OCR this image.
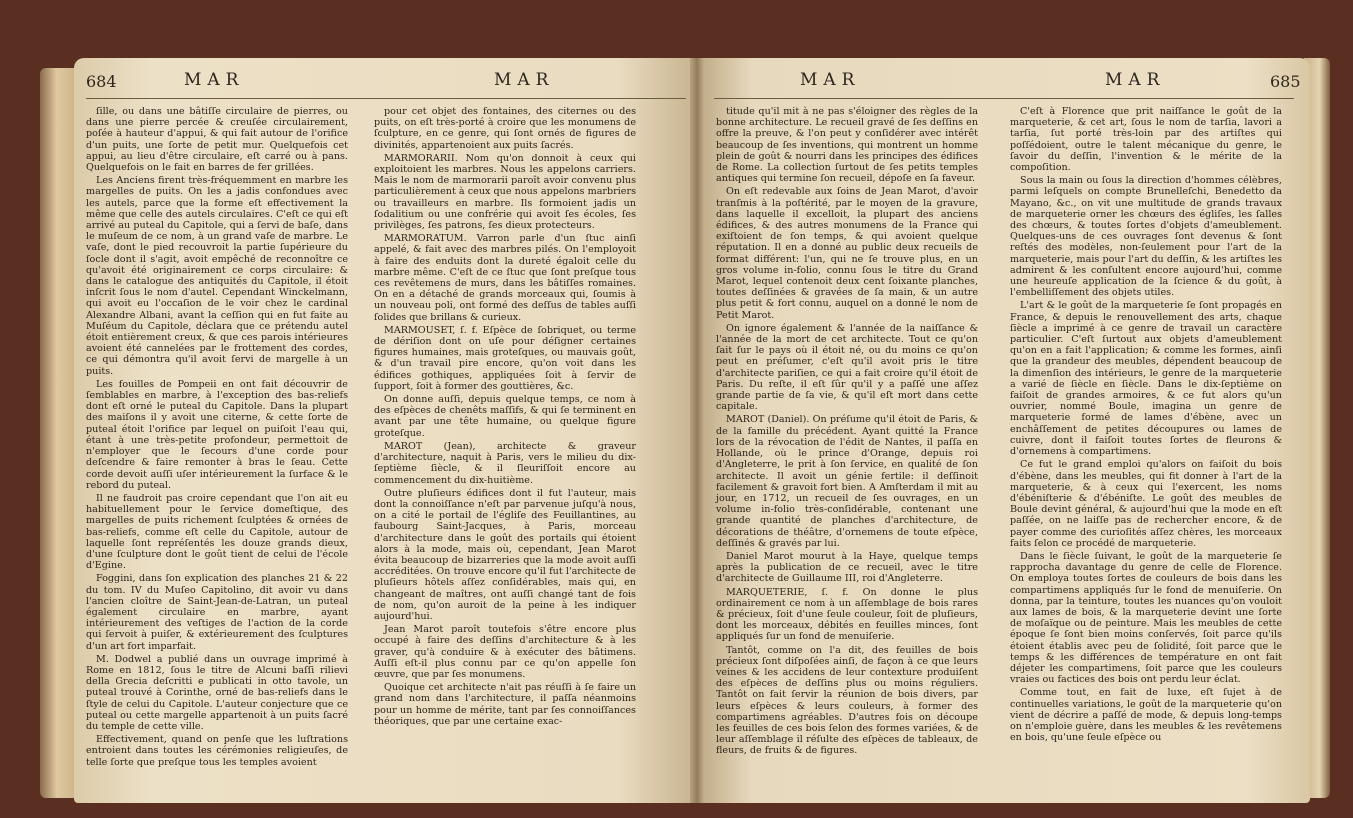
684	MAR	MAR

ſille, ou dans une bâtiſſe circulaire de pierres, ou dans une pierre percée & creuſée circulairement, poſée à hauteur d'appui, & qui fait autour de l'orifice d'un puits, une ſorte de petit mur. Quelquefois cet appui, au lieu d'être circulaire, eſt carré ou à pans. Quelquefois on le fait en barres de fer grillées.

Les Anciens firent très-fréquemment en marbre les margelles de puits. On les a jadis confondues avec les autels, parce que la forme eſt effectivement la même que celle des autels circulaires. C'eſt ce qui eſt arrivé au puteal du Capitole, qui a ſervi de baſe, dans le muſeum de ce nom, à un grand vaſe de marbre. Le vaſe, dont le pied recouvroit la partie ſupérieure du ſocle dont il s'agit, avoit empêché de reconnoître ce qu'avoit été originairement ce corps circulaire: & dans le catalogue des antiquités du Capitole, il étoit inſcrit ſous le nom d'autel. Cependant Winckelmann, qui avoit eu l'occaſion de le voir chez le cardinal Alexandre Albani, avant la ceſſion qui en fut faite au Muſéum du Capitole, déclara que ce prétendu autel étoit entièrement creux, & que ces parois intérieures avoient été cannelées par le frottement des cordes, ce qui démontra qu'il avoit ſervi de margelle à un puits.

Les fouilles de Pompeii en ont fait découvrir de ſemblables en marbre, à l'exception des bas-reliefs dont eſt orné le puteal du Capitole. Dans la plupart des maiſons il y avoit une citerne, & cette ſorte de puteal étoit l'orifice par lequel on puiſoit l'eau qui, étant à une très-petite profondeur, permettoit de n'employer que le ſecours d'une corde pour deſcendre & faire remonter à bras le ſeau. Cette corde devoit auſſi uſer intérieurement la ſurface & le rebord du puteal.

Il ne faudroit pas croire cependant que l'on ait eu habituellement pour le ſervice domeſtique, des margelles de puits richement ſculptées & ornées de bas-reliefs, comme eſt celle du Capitole, autour de laquelle ſont repréſentés les douze grands dieux, d'une ſculpture dont le goût tient de celui de l'école d'Egine.

Foggini, dans ſon explication des planches 21 & 22 du tom. IV du Muſeo Capitolino, dit avoir vu dans l'ancien cloître de Saint-Jean-de-Latran, un puteal également circulaire en marbre, ayant intérieurement des veſtiges de l'action de la corde qui ſervoit à puiſer, & extérieurement des ſculptures d'un art fort imparfait.

M. Dodwel a publié dans un ouvrage imprimé à Rome en 1812, ſous le titre de Alcuni baſſi rilievi della Grecia deſcritti e publicati in otto tavole, un puteal trouvé à Corinthe, orné de bas-reliefs dans le ſtyle de celui du Capitole. L'auteur conjecture que ce puteal ou cette margelle appartenoit à un puits ſacré du temple de cette ville.

Effectivement, quand on penſe que les luſtrations entroient dans toutes les cérémonies religieuſes, de telle ſorte que preſque tous les temples avoient

pour cet objet des fontaines, des citernes ou des puits, on eſt très-porté à croire que les monumens de ſculpture, en ce genre, qui ſont ornés de figures de divinités, appartenoient aux puits ſacrés.

MARMORARII. Nom qu'on donnoit à ceux qui exploitoient les marbres. Nous les appelons carriers. Mais le nom de marmorarii paroît avoir convenu plus particulièrement à ceux que nous appelons marbriers ou travailleurs en marbre. Ils formoient jadis un ſodalitium ou une confrérie qui avoit ſes écoles, ſes privilèges, ſes patrons, ſes dieux protecteurs.

MARMORATUM. Varron parle d'un ſtuc ainſi appelé, & fait avec des marbres pilés. On l'employoit à faire des enduits dont la dureté égaloit celle du marbre même. C'eſt de ce ſtuc que ſont preſque tous ces revêtemens de murs, dans les bâtiſſes romaines. On en a détaché de grands morceaux qui, ſoumis à un nouveau poli, ont formé des deſſus de tables auſſi ſolides que brillans & curieux.

MARMOUSET, ſ. f. Eſpèce de ſobriquet, ou terme de dériſion dont on uſe pour déſigner certaines figures humaines, mais groteſques, ou mauvais goût, & d'un travail pire encore, qu'on voit dans les édifices gothiques, appliquées ſoit à ſervir de ſupport, ſoit à former des gouttières, &c.

On donne auſſi, depuis quelque temps, ce nom à des eſpèces de chenêts maſſifs, & qui ſe terminent en avant par une tête humaine, ou quelque figure groteſque.

MAROT (Jean), architecte & graveur d'architecture, naquit à Paris, vers le milieu du dix-ſeptième ſiècle, & il ſleuriſſoit encore au commencement du dix-huitième.

Outre pluſieurs édifices dont il fut l'auteur, mais dont la connoiſſance n'eſt par parvenue juſqu'à nous, on a cité le portail de l'égliſe des Feuillantines, au faubourg Saint-Jacques, à Paris, morceau d'architecture dans le goût des portails qui étoient alors à la mode, mais où, cependant, Jean Marot évita beaucoup de bizarreries que la mode avoit auſſi accréditées. On trouve encore qu'il fut l'architecte de pluſieurs hôtels aſſez conſidérables, mais qui, en changeant de maîtres, ont auſſi changé tant de fois de nom, qu'on auroit de la peine à les indiquer aujourd'hui.

Jean Marot paroît toutefois s'être encore plus occupé à faire des deſſins d'architecture & à les graver, qu'à conduire & à exécuter des bâtimens. Auſſi eſt-il plus connu par ce qu'on appelle ſon œuvre, que par ſes monumens.

Quoique cet architecte n'ait pas réuſſi à ſe faire un grand nom dans l'architecture, il paſſa néanmoins pour un homme de mérite, tant par ſes connoiſſances théoriques, que par une certaine exac-

MAR	MAR	685

titude qu'il mit à ne pas s'éloigner des règles de la bonne architecture. Le recueil gravé de ſes deſſins en offre la preuve, & l'on peut y conſidérer avec intérêt beaucoup de ſes inventions, qui montrent un homme plein de goût & nourri dans les principes des édifices de Rome. La collection ſurtout de ſes petits temples antiques qui termine ſon recueil, dépoſe en ſa faveur.

On eſt redevable aux ſoins de Jean Marot, d'avoir tranſmis à la poſtérité, par le moyen de la gravure, dans laquelle il excelloit, la plupart des anciens édifices, & des autres monumens de la France qui exiſtoient de ſon temps, & qui avoient quelque réputation. Il en a donné au public deux recueils de format différent: l'un, qui ne ſe trouve plus, en un gros volume in-folio, connu ſous le titre du Grand Marot, lequel contenoit deux cent ſoixante planches, toutes deſſinées & gravées de ſa main, & un autre plus petit & fort connu, auquel on a donné le nom de Petit Marot.

On ignore également & l'année de la naiſſance & l'année de la mort de cet architecte. Tout ce qu'on ſait ſur le pays où il étoit né, ou du moins ce qu'on peut en préſumer, c'eſt qu'il avoit pris le titre d'architecte pariſien, ce qui a fait croire qu'il étoit de Paris. Du reſte, il eſt ſûr qu'il y a paſſé une aſſez grande partie de ſa vie, & qu'il eſt mort dans cette capitale.

MAROT (Daniel). On préſume qu'il étoit de Paris, & de la famille du précédent. Ayant quitté la France lors de la révocation de l'édit de Nantes, il paſſa en Hollande, où le prince d'Orange, depuis roi d'Angleterre, le prit à ſon ſervice, en qualité de ſon architecte. Il avoit un génie fertile: il deſſinoit facilement & gravoit fort bien. A Amſterdam il mit au jour, en 1712, un recueil de ſes ouvrages, en un volume in-folio très-conſidérable, contenant une grande quantité de planches d'architecture, de décorations de théâtre, d'ornemens de toute eſpèce, deſſinés & gravés par lui.

Daniel Marot mourut à la Haye, quelque temps après la publication de ce recueil, avec le titre d'architecte de Guillaume III, roi d'Angleterre.

MARQUETERIE, ſ. f. On donne le plus ordinairement ce nom à un aſſemblage de bois rares & précieux, ſoit d'une ſeule couleur, ſoit de pluſieurs, dont les morceaux, débités en feuilles minces, ſont appliqués ſur un fond de menuiſerie.

Tantôt, comme on l'a dit, des feuilles de bois précieux ſont diſpoſées ainſi, de façon à ce que leurs veines & les accidens de leur contexture produiſent des eſpèces de deſſins plus ou moins réguliers. Tantôt on fait ſervir la réunion de bois divers, par leurs eſpèces & leurs couleurs, à former des compartimens agréables. D'autres fois on découpe les feuilles de ces bois ſelon des formes variées, & de leur aſſemblage il réſulte des eſpèces de tableaux, de fleurs, de fruits & de figures.

C'eſt à Florence que prit naiſſance le goût de la marqueterie, & cet art, ſous le nom de tarſia, lavori a tarſia, ſut porté très-loin par des artiſtes qui poſſédoient, outre le talent mécanique du genre, le ſavoir du deſſin, l'invention & le mérite de la compoſition.

Sous la main ou ſous la direction d'hommes célèbres, parmi leſquels on compte Brunelleſchi, Benedetto da Mayano, &c., on vit une multitude de grands travaux de marqueterie orner les chœurs des égliſes, les ſalles des chœurs, & toutes ſortes d'objets d'ameublement. Quelques-uns de ces ouvrages ſont devenus & ſont reſtés des modèles, non-ſeulement pour l'art de la marqueterie, mais pour l'art du deſſin, & les artiſtes les admirent & les conſultent encore aujourd'hui, comme une heureuſe application de la ſcience & du goût, à l'embelliſſement des objets utiles.

L'art & le goût de la marqueterie ſe ſont propagés en France, & depuis le renouvellement des arts, chaque ſiècle a imprimé à ce genre de travail un caractère particulier. C'eſt ſurtout aux objets d'ameublement qu'on en a fait l'application; & comme les formes, ainſi que la grandeur des meubles, dépendent beaucoup de la dimenſion des intérieurs, le genre de la marqueterie a varié de ſiècle en ſiècle. Dans le dix-ſeptième on faiſoit de grandes armoires, & ce fut alors qu'un ouvrier, nommé Boule, imagina un genre de marqueterie formé de lames d'ébène, avec un enchâſſement de petites découpures ou lames de cuivre, dont il faiſoit toutes ſortes de fleurons & d'ornemens à compartimens.

Ce fut le grand emploi qu'alors on faiſoit du bois d'ébène, dans les meubles, qui fit donner à l'art de la marqueterie, & à ceux qui l'exercent, les noms d'ébéniſterie & d'ébéniſte. Le goût des meubles de Boule devint général, & aujourd'hui que la mode en eſt paſſée, on ne laiſſe pas de rechercher encore, & de payer comme des curioſités aſſez chères, les morceaux faits ſelon ce procédé de marqueterie.

Dans le ſiècle ſuivant, le goût de la marqueterie ſe rapprocha davantage du genre de celle de Florence. On employa toutes ſortes de couleurs de bois dans les compartimens appliqués ſur le fond de menuiſerie. On donna, par la teinture, toutes les nuances qu'on vouloit aux lames de bois, & la marqueterie devint une ſorte de moſaïque ou de peinture. Mais les meubles de cette époque ſe ſont bien moins conſervés, ſoit parce qu'ils étoient établis avec peu de ſolidité, ſoit parce que le temps & les différences de température en ont fait déjeter les compartimens, ſoit parce que les couleurs vraies ou factices des bois ont perdu leur éclat.

Comme tout, en fait de luxe, eſt ſujet à de continuelles variations, le goût de la marqueterie qu'on vient de décrire a paſſé de mode, & depuis long-temps on n'emploie guère, dans les meubles & les revêtemens en bois, qu'une ſeule eſpèce ou
